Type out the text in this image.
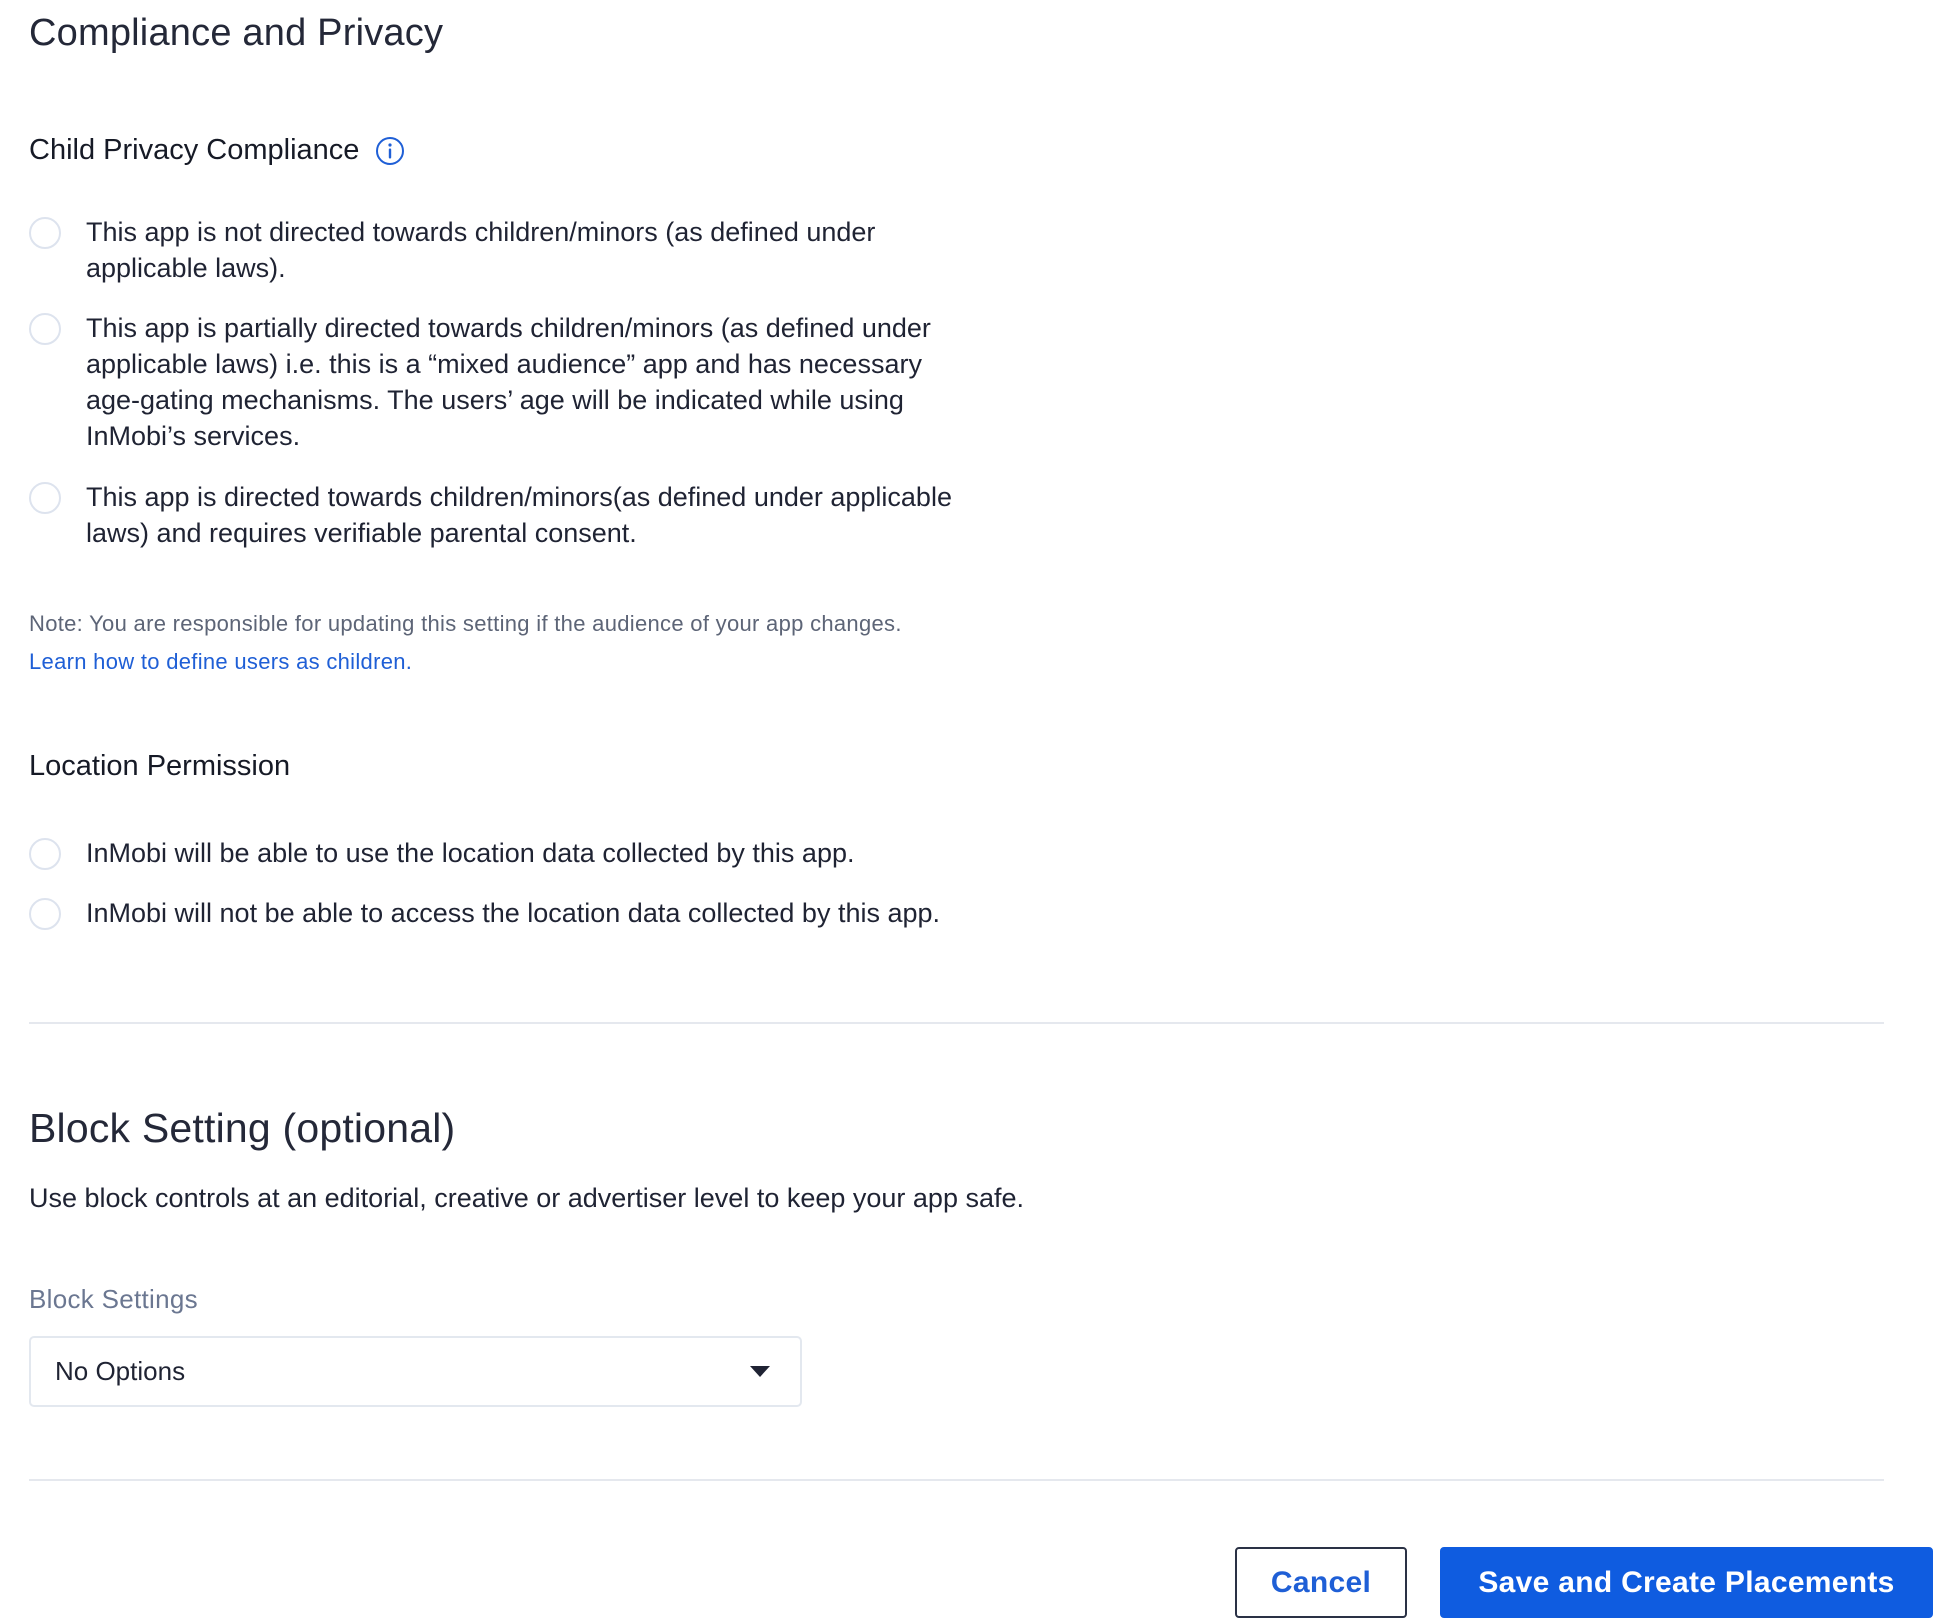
Compliance and Privacy
Child Privacy Compliance
This app is not directed towards children/minors (as defined under applicable laws).
This app is partially directed towards children/minors (as defined under applicable laws) i.e. this is a “mixed audience” app and has necessary age-gating mechanisms. The users’ age will be indicated while using InMobi’s services.
This app is directed towards children/minors(as defined under applicable laws) and requires verifiable parental consent.
Note: You are responsible for updating this setting if the audience of your app changes.
Learn how to define users as children.
Location Permission
InMobi will be able to use the location data collected by this app.
InMobi will not be able to access the location data collected by this app.
Block Setting (optional)

Use block controls at an editorial, creative or advertiser level to keep your app safe.

Block Settings
No Options
Cancel	Save and Create Placements
